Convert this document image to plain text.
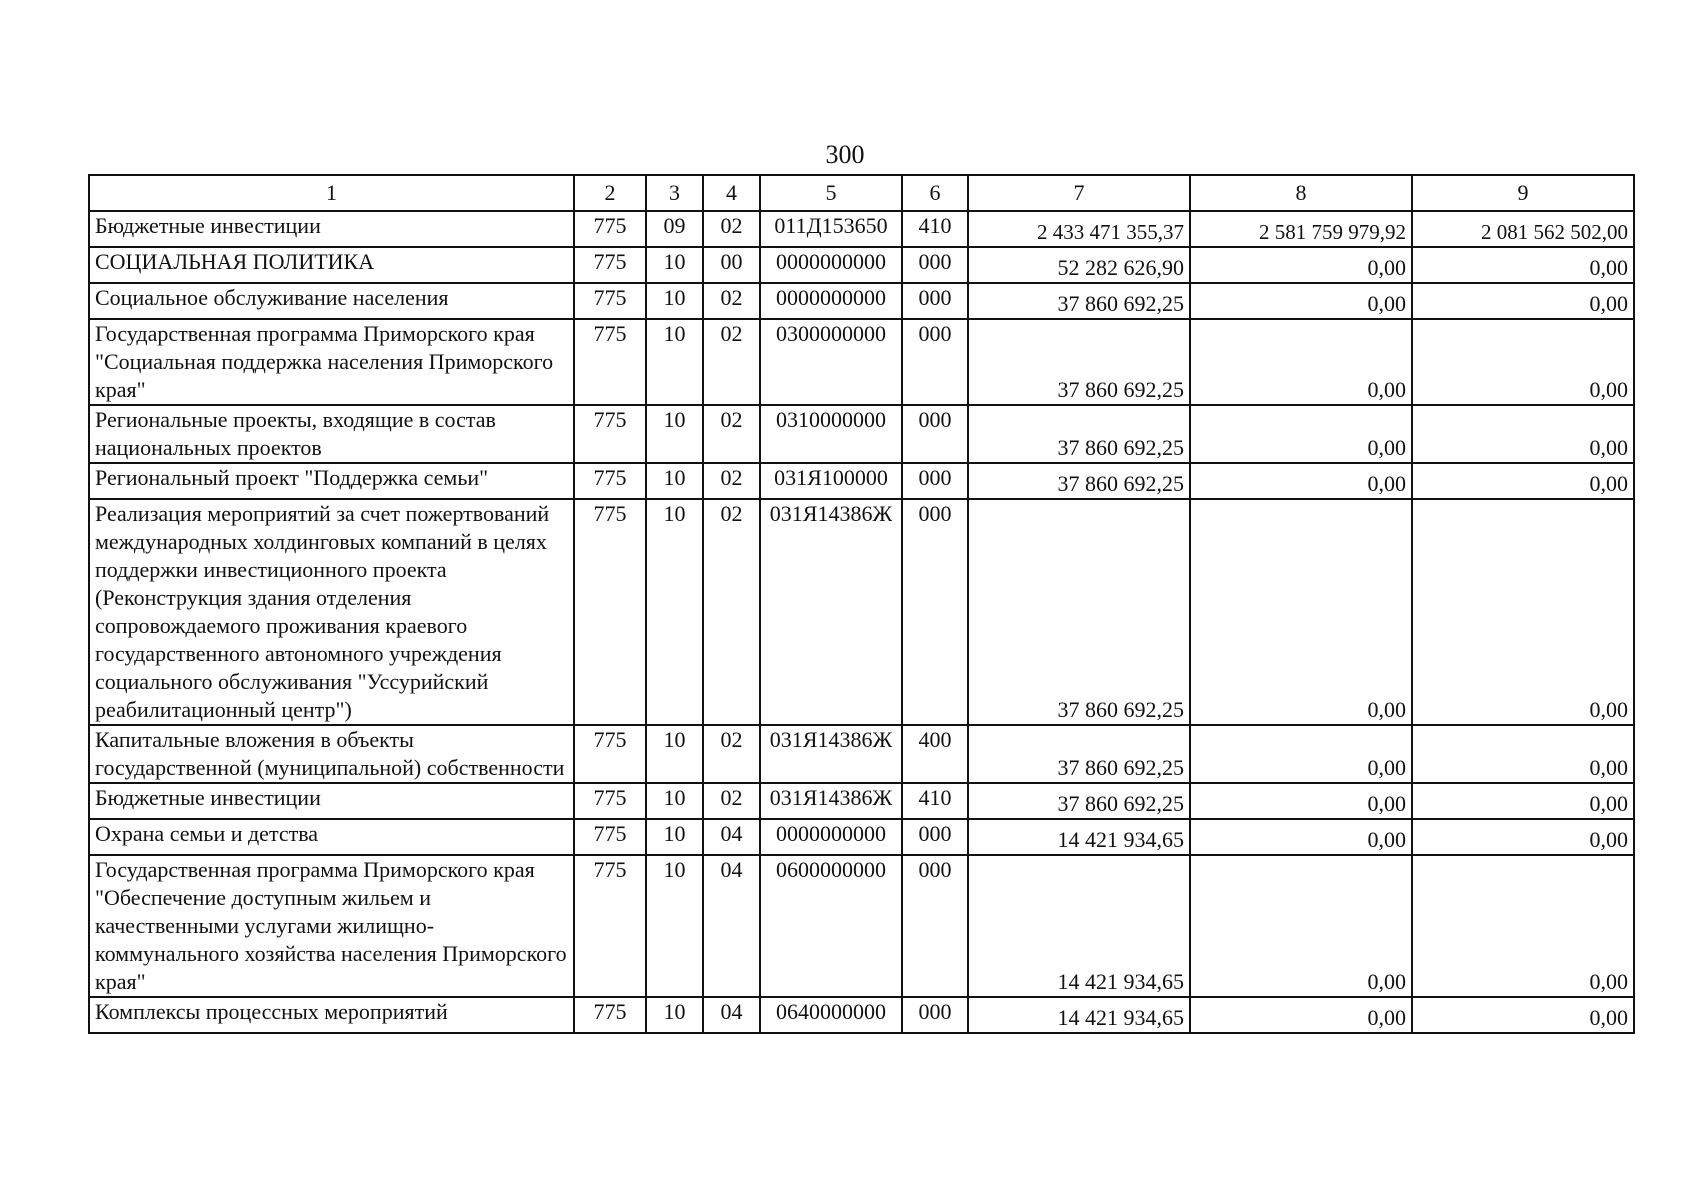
300
1	2	3	4	5	6	7	8	9
Бюджетные инвестиции	775	09	02	011Д153650	410	2 433 471 355,37	2 581 759 979,92	2 081 562 502,00
СОЦИАЛЬНАЯ ПОЛИТИКА	775	10	00	0000000000	000	52 282 626,90	0,00	0,00
Социальное обслуживание населения	775	10	02	0000000000	000	37 860 692,25	0,00	0,00
Государственная программа Приморского края "Социальная поддержка населения Приморского края"	775	10	02	0300000000	000	37 860 692,25	0,00	0,00
Региональные проекты, входящие в состав национальных проектов	775	10	02	0310000000	000	37 860 692,25	0,00	0,00
Региональный проект "Поддержка семьи"	775	10	02	031Я100000	000	37 860 692,25	0,00	0,00
Реализация мероприятий за счет пожертвований международных холдинговых компаний в целях поддержки инвестиционного проекта (Реконструкция здания отделения сопровождаемого проживания краевого государственного автономного учреждения социального обслуживания "Уссурийский реабилитационный центр")	775	10	02	031Я14386Ж	000	37 860 692,25	0,00	0,00
Капитальные вложения в объекты государственной (муниципальной) собственности	775	10	02	031Я14386Ж	400	37 860 692,25	0,00	0,00
Бюджетные инвестиции	775	10	02	031Я14386Ж	410	37 860 692,25	0,00	0,00
Охрана семьи и детства	775	10	04	0000000000	000	14 421 934,65	0,00	0,00
Государственная программа Приморского края "Обеспечение доступным жильем и качественными услугами жилищно-коммунального хозяйства населения Приморского края"	775	10	04	0600000000	000	14 421 934,65	0,00	0,00
Комплексы процессных мероприятий	775	10	04	0640000000	000	14 421 934,65	0,00	0,00
